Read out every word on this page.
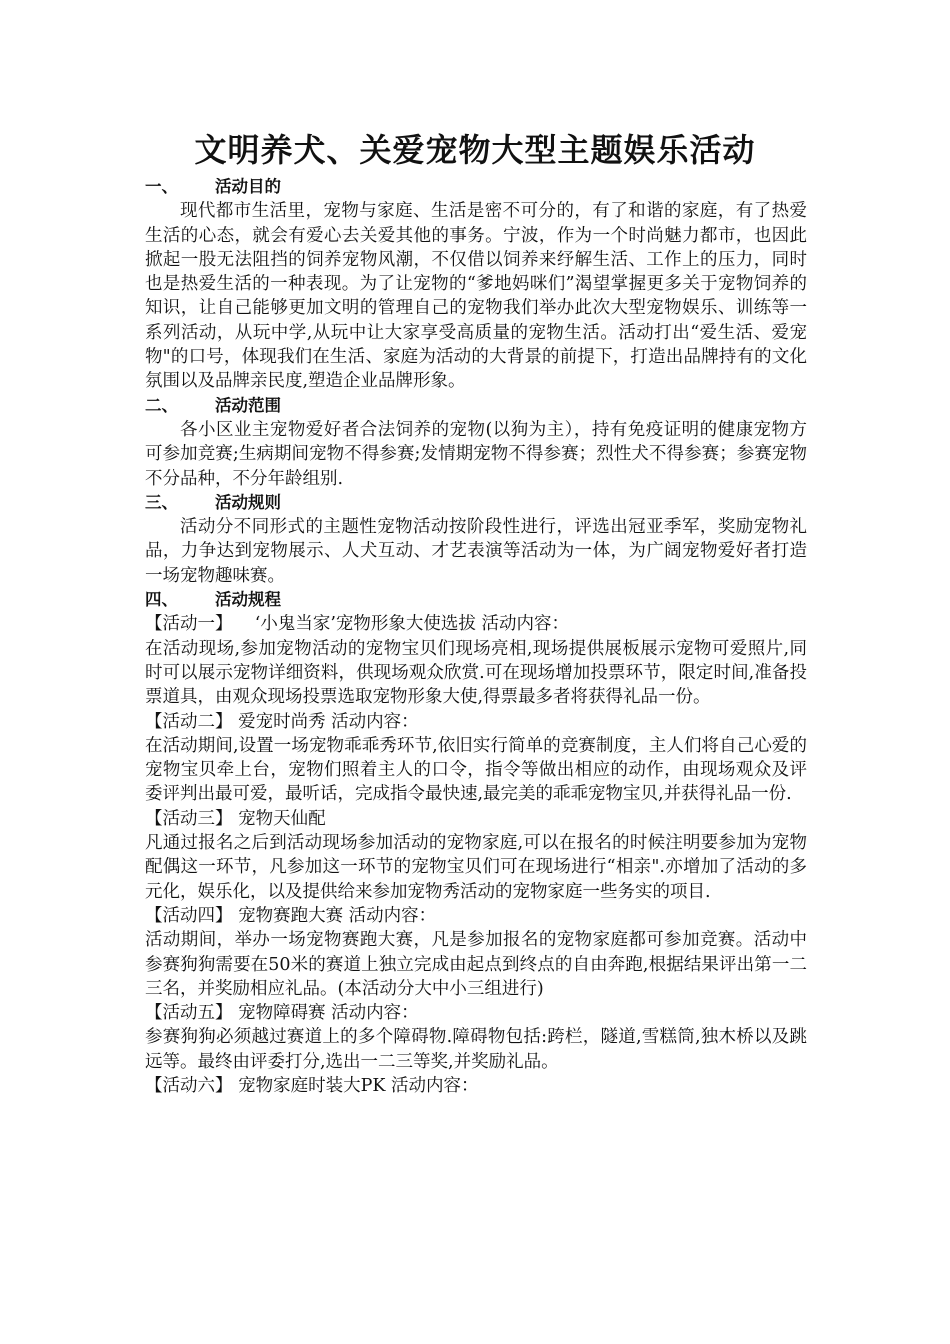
文明养犬、关爱宠物大型主题娱乐活动
一、 活动目的

现代都市生活里，宠物与家庭、生活是密不可分的，有了和谐的家庭，有了热爱生活的心态，就会有爱心去关爱其他的事务。宁波，作为一个时尚魅力都市，也因此掀起一股无法阻挡的饲养宠物风潮，不仅借以饲养来纾解生活、工作上的压力，同时也是热爱生活的一种表现。为了让宠物的“爹地妈咪们”渴望掌握更多关于宠物饲养的知识，让自己能够更加文明的管理自己的宠物我们举办此次大型宠物娱乐、训练等一系列活动，从玩中学,从玩中让大家享受高质量的宠物生活。活动打出“爱生活、爱宠物"的口号，体现我们在生活、家庭为活动的大背景的前提下，打造出品牌持有的文化氛围以及品牌亲民度,塑造企业品牌形象。

二、 活动范围

各小区业主宠物爱好者合法饲养的宠物(以狗为主），持有免疫证明的健康宠物方可参加竞赛;生病期间宠物不得参赛;发情期宠物不得参赛；烈性犬不得参赛；参赛宠物不分品种，不分年龄组别.

三、 活动规则

活动分不同形式的主题性宠物活动按阶段性进行，评选出冠亚季军，奖励宠物礼品，力争达到宠物展示、人犬互动、才艺表演等活动为一体，为广阔宠物爱好者打造一场宠物趣味赛。

四、 活动规程

【活动一】 ‘小鬼当家’宠物形象大使选拔 活动内容：

在活动现场,参加宠物活动的宠物宝贝们现场亮相,现场提供展板展示宠物可爱照片,同时可以展示宠物详细资料，供现场观众欣赏.可在现场增加投票环节，限定时间,准备投票道具，由观众现场投票选取宠物形象大使,得票最多者将获得礼品一份。

【活动二】 爱宠时尚秀 活动内容：

在活动期间,设置一场宠物乖乖秀环节,依旧实行简单的竞赛制度，主人们将自己心爱的宠物宝贝牵上台，宠物们照着主人的口令，指令等做出相应的动作，由现场观众及评委评判出最可爱，最听话，完成指令最快速,最完美的乖乖宠物宝贝,并获得礼品一份.

【活动三】 宠物天仙配

凡通过报名之后到活动现场参加活动的宠物家庭,可以在报名的时候注明要参加为宠物配偶这一环节，凡参加这一环节的宠物宝贝们可在现场进行“相亲".亦增加了活动的多元化，娱乐化，以及提供给来参加宠物秀活动的宠物家庭一些务实的项目.

【活动四】 宠物赛跑大赛 活动内容：

活动期间，举办一场宠物赛跑大赛，凡是参加报名的宠物家庭都可参加竞赛。活动中参赛狗狗需要在50米的赛道上独立完成由起点到终点的自由奔跑,根据结果评出第一二三名，并奖励相应礼品。(本活动分大中小三组进行)

【活动五】 宠物障碍赛 活动内容：

参赛狗狗必须越过赛道上的多个障碍物.障碍物包括:跨栏，隧道,雪糕筒,独木桥以及跳远等。最终由评委打分,选出一二三等奖,并奖励礼品。

【活动六】 宠物家庭时装大PK 活动内容：
